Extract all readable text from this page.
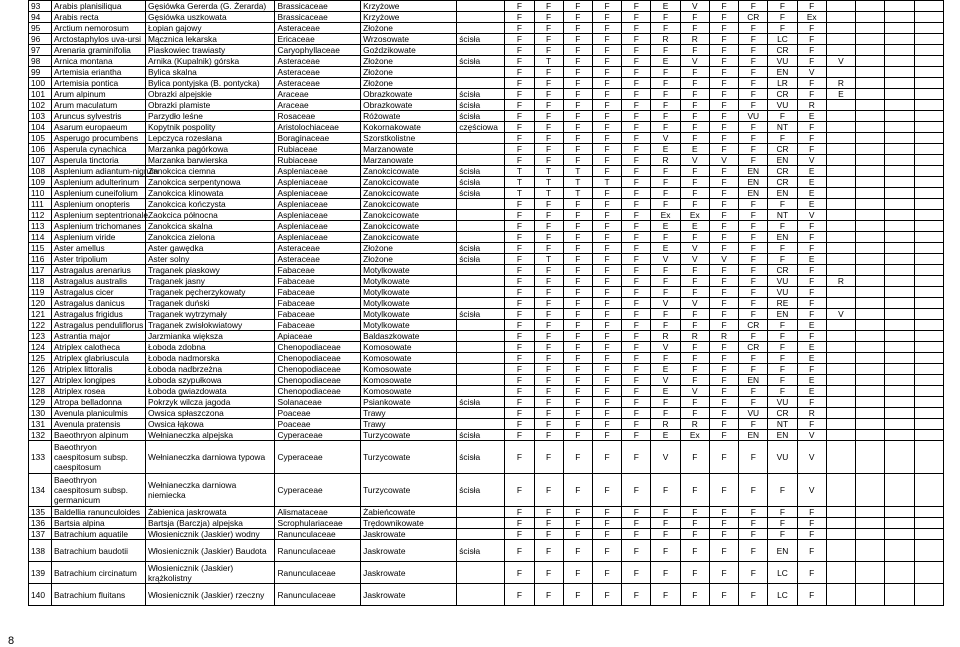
93	Arabis planisiliqua	Gęsiówka Gererda (G. Żerarda)	Brassicaceae	Krzyżowe		F	F	F	F	F	E	V	F	F	F	F				
94	Arabis recta	Gęsiówka uszkowata	Brassicaceae	Krzyżowe		F	F	F	F	F	F	F	F	CR	F	Ex				
95	Arctium nemorosum	Łopian gajowy	Asteraceae	Złożone		F	F	F	F	F	F	F	F	F	F	F				
96	Arctostaphylos uva-ursi	Mącznica lekarska	Ericaceae	Wrzosowate	ścisła	F	F	F	F	F	R	R	F	F	LC	F				
97	Arenaria graminifolia	Piaskowiec trawiasty	Caryophyllaceae	Goździkowate		F	F	F	F	F	F	F	F	F	CR	F				
98	Arnica montana	Arnika (Kupalnik) górska	Asteraceae	Złożone	ścisła	F	T	F	F	F	E	V	F	F	VU	F	V			
99	Artemisia eriantha	Bylica skalna	Asteraceae	Złożone		F	F	F	F	F	F	F	F	F	EN	V				
100	Artemisia pontica	Bylica pontyjska (B. pontycka)	Asteraceae	Złożone		F	F	F	F	F	F	F	F	F	LR	F	R			
101	Arum alpinum	Obrazki alpejskie	Araceae	Obrazkowate	ścisła	F	F	F	F	F	F	F	F	F	CR	F	E			
102	Arum maculatum	Obrazki plamiste	Araceae	Obrazkowate	ścisła	F	F	F	F	F	F	F	F	F	VU	R				
103	Aruncus sylvestris	Parzydło leśne	Rosaceae	Różowate	ścisła	F	F	F	F	F	F	F	F	VU	F	E				
104	Asarum europaeum	Kopytnik pospolity	Aristolochiaceae	Kokornakowate	częściowa	F	F	F	F	F	F	F	F	F	NT	F				
105	Asperugo procumbens	Lepczyca rozesłana	Boraginaceae	Szorstkolistne		F	F	F	F	F	V	F	F	F	F	F				
106	Asperula cynachica	Marzanka pagórkowa	Rubiaceae	Marzanowate		F	F	F	F	F	E	E	F	F	CR	F				
107	Asperula tinctoria	Marzanka barwierska	Rubiaceae	Marzanowate		F	F	F	F	F	R	V	V	F	EN	V				
108	Asplenium adiantum-nigrum	Zanokcica ciemna	Aspleniaceae	Zanokcicowate	ścisła	T	T	T	F	F	F	F	F	EN	CR	E				
109	Asplenium adulterinum	Zanokcica serpentynowa	Aspleniaceae	Zanokcicowate	ścisła	T	T	T	T	F	F	F	F	EN	CR	E				
110	Asplenium cuneifolium	Zanokcica klinowata	Aspleniaceae	Zanokcicowate	ścisła	T	T	T	F	F	F	F	F	EN	EN	E				
111	Asplenium onopteris	Zanokcica kończysta	Aspleniaceae	Zanokcicowate		F	F	F	F	F	F	F	F	F	F	E				
112	Asplenium septentrionale	Zaokcica północna	Aspleniaceae	Zanokcicowate		F	F	F	F	F	Ex	Ex	F	F	NT	V				
113	Asplenium trichomanes	Zanokcica skalna	Aspleniaceae	Zanokcicowate		F	F	F	F	F	E	E	F	F	F	F				
114	Asplenium viride	Zanokcica zielona	Aspleniaceae	Zanokcicowate		F	F	F	F	F	F	F	F	F	EN	F				
115	Aster amellus	Aster gawędka	Asteraceae	Złożone	ścisła	F	F	F	F	F	E	V	F	F	F	F				
116	Aster tripolium	Aster solny	Asteraceae	Złożone	ścisła	F	T	F	F	F	V	V	V	F	F	E				
117	Astragalus arenarius	Traganek piaskowy	Fabaceae	Motylkowate		F	F	F	F	F	F	F	F	F	CR	F				
118	Astragalus australis	Traganek jasny	Fabaceae	Motylkowate		F	F	F	F	F	F	F	F	F	VU	F	R			
119	Astragalus cicer	Traganek pęcherzykowaty	Fabaceae	Motylkowate		F	F	F	F	F	F	F	F	F	VU	F				
120	Astragalus danicus	Traganek duński	Fabaceae	Motylkowate		F	F	F	F	F	V	V	F	F	RE	F				
121	Astragalus frigidus	Traganek wytrzymały	Fabaceae	Motylkowate	ścisła	F	F	F	F	F	F	F	F	F	EN	F	V			
122	Astragalus penduliflorus	Traganek zwisłokwiatowy	Fabaceae	Motylkowate		F	F	F	F	F	F	F	F	CR	F	E				
123	Astrantia major	Jarzmianka większa	Apiaceae	Baldaszkowate		F	F	F	F	F	R	R	R	F	F	F				
124	Atriplex calotheca	Łoboda zdobna	Chenopodiaceae	Komosowate		F	F	F	F	F	V	F	F	CR	F	E				
125	Atriplex glabriuscula	Łoboda nadmorska	Chenopodiaceae	Komosowate		F	F	F	F	F	F	F	F	F	F	E				
126	Atriplex littoralis	Łoboda nadbrzeżna	Chenopodiaceae	Komosowate		F	F	F	F	F	E	F	F	F	F	F				
127	Atriplex longipes	Łoboda szypułkowa	Chenopodiaceae	Komosowate		F	F	F	F	F	V	F	F	EN	F	E				
128	Atriplex rosea	Łoboda gwiazdowata	Chenopodiaceae	Komosowate		F	F	F	F	F	E	V	F	F	F	E				
129	Atropa belladonna	Pokrzyk wilcza jagoda	Solanaceae	Psiankowate	ścisła	F	F	F	F	F	F	F	F	F	VU	F				
130	Avenula planiculmis	Owsica spłaszczona	Poaceae	Trawy		F	F	F	F	F	F	F	F	VU	CR	R				
131	Avenula pratensis	Owsica łąkowa	Poaceae	Trawy		F	F	F	F	F	R	R	F	F	NT	F				
132	Baeothryon alpinum	Wełnianeczka alpejska	Cyperaceae	Turzycowate	ścisła	F	F	F	F	F	E	Ex	F	EN	EN	V				
133	Baeothryon caespitosum subsp. caespitosum	Wełnianeczka darniowa typowa	Cyperaceae	Turzycowate	ścisła	F	F	F	F	F	V	F	F	F	VU	V				
134	Baeothryon caespitosum subsp. germanicum	Wełnianeczka darniowa niemiecka	Cyperaceae	Turzycowate	ścisła	F	F	F	F	F	F	F	F	F	F	V				
135	Baldellia ranunculoides	Żabienica jaskrowata	Alismataceae	Żabieńcowate		F	F	F	F	F	F	F	F	F	F	F				
136	Bartsia alpina	Bartsja (Barczja) alpejska	Scrophulariaceae	Trędownikowate		F	F	F	F	F	F	F	F	F	F	F				
137	Batrachium aquatile	Włosienicznik (Jaskier) wodny	Ranunculaceae	Jaskrowate		F	F	F	F	F	F	F	F	F	F	F				
138	Batrachium baudotii	Włosienicznik (Jaskier) Baudota	Ranunculaceae	Jaskrowate	ścisła	F	F	F	F	F	F	F	F	F	EN	F				
139	Batrachium circinatum	Włosienicznik (Jaskier) krążkolistny	Ranunculaceae	Jaskrowate		F	F	F	F	F	F	F	F	F	LC	F				
140	Batrachium fluitans	Włosienicznik (Jaskier) rzeczny	Ranunculaceae	Jaskrowate		F	F	F	F	F	F	F	F	F	LC	F				
8
